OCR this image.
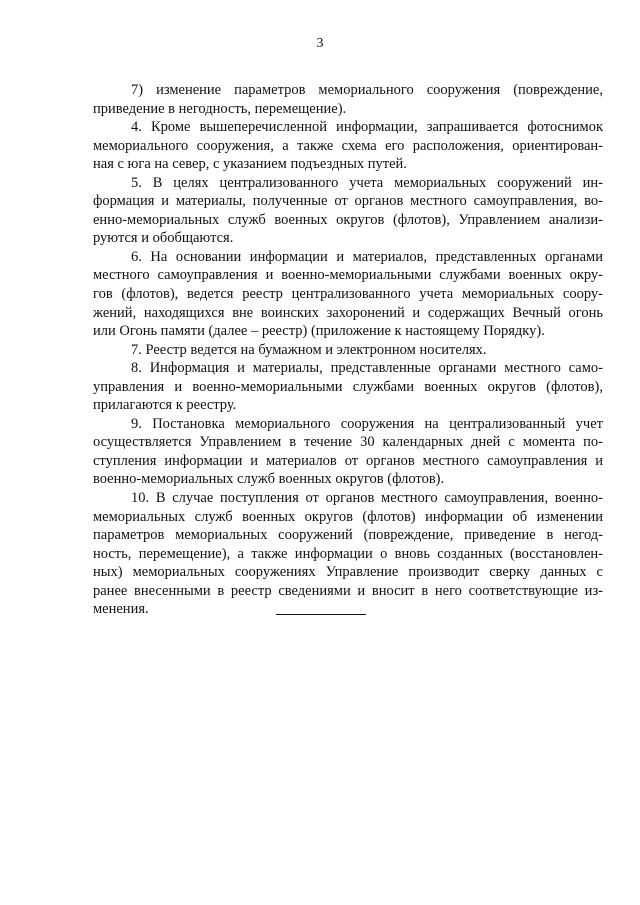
3
7) изменение параметров мемориального сооружения (повреждение,
приведение в негодность, перемещение).
4. Кроме вышеперечисленной информации, запрашивается фотоснимок
мемориального сооружения, а также схема его расположения, ориентирован-
ная с юга на север, с указанием подъездных путей.
5. В целях централизованного учета мемориальных сооружений ин-
формация и материалы, полученные от органов местного самоуправления, во-
енно-мемориальных служб военных округов (флотов), Управлением анализи-
руются и обобщаются.
6. На основании информации и материалов, представленных органами
местного самоуправления и военно-мемориальными службами военных окру-
гов (флотов), ведется реестр централизованного учета мемориальных соору-
жений, находящихся вне воинских захоронений и содержащих Вечный огонь
или Огонь памяти (далее – реестр) (приложение к настоящему Порядку).
7. Реестр ведется на бумажном и электронном носителях.
8. Информация и материалы, представленные органами местного само-
управления и военно-мемориальными службами военных округов (флотов),
прилагаются к реестру.
9. Постановка мемориального сооружения на централизованный учет
осуществляется Управлением в течение 30 календарных дней с момента по-
ступления информации и материалов от органов местного самоуправления и
военно-мемориальных служб военных округов (флотов).
10. В случае поступления от органов местного самоуправления, военно-
мемориальных служб военных округов (флотов) информации об изменении
параметров мемориальных сооружений (повреждение, приведение в негод-
ность, перемещение), а также информации о вновь созданных (восстановлен-
ных) мемориальных сооружениях Управление производит сверку данных с
ранее внесенными в реестр сведениями и вносит в него соответствующие из-
менения.
